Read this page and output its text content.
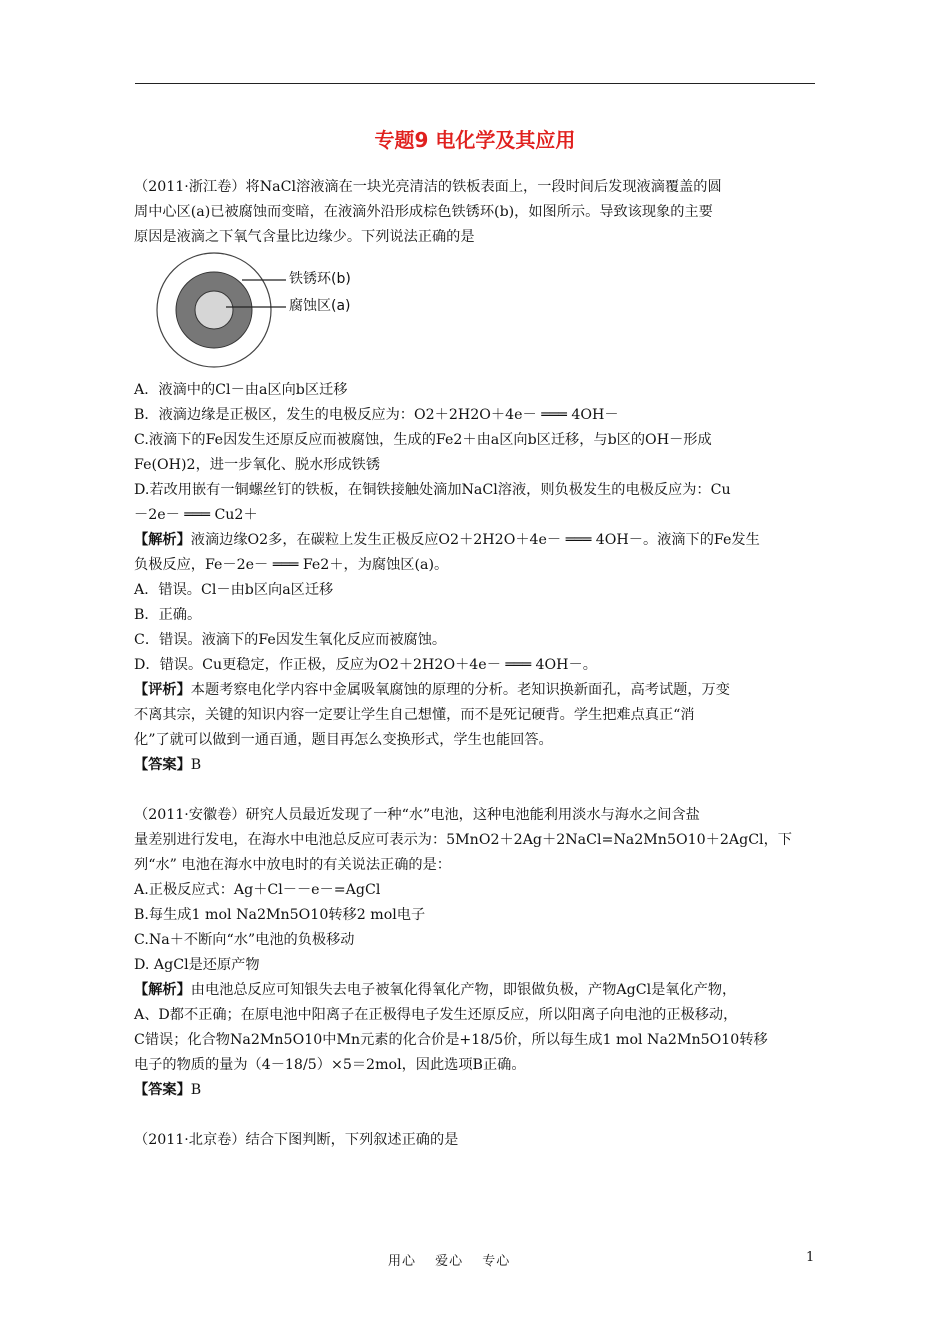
专题9 电化学及其应用
（2011·浙江卷）将NaCl溶液滴在一块光亮清洁的铁板表面上，一段时间后发现液滴覆盖的圆
周中心区(a)已被腐蚀而变暗，在液滴外沿形成棕色铁锈环(b)，如图所示。导致该现象的主要
原因是液滴之下氧气含量比边缘少。下列说法正确的是
铁锈环(b)
腐蚀区(a)
A．液滴中的Cl－由a区向b区迁移
B．液滴边缘是正极区，发生的电极反应为：O2＋2H2O＋4e－ ═══ 4OH－
C.液滴下的Fe因发生还原反应而被腐蚀，生成的Fe2＋由a区向b区迁移，与b区的OH－形成
Fe(OH)2，进一步氧化、脱水形成铁锈
D.若改用嵌有一铜螺丝钉的铁板，在铜铁接触处滴加NaCl溶液，则负极发生的电极反应为：Cu
－2e－ ═══ Cu2＋
【解析】液滴边缘O2多，在碳粒上发生正极反应O2＋2H2O＋4e－ ═══ 4OH－。液滴下的Fe发生
负极反应，Fe－2e－ ═══ Fe2＋，为腐蚀区(a)。
A．错误。Cl－由b区向a区迁移
B．正确。
C．错误。液滴下的Fe因发生氧化反应而被腐蚀。
D．错误。Cu更稳定，作正极，反应为O2＋2H2O＋4e－ ═══ 4OH－。
【评析】本题考察电化学内容中金属吸氧腐蚀的原理的分析。老知识换新面孔，高考试题，万变
不离其宗，关键的知识内容一定要让学生自己想懂，而不是死记硬背。学生把难点真正“消
化”了就可以做到一通百通，题目再怎么变换形式，学生也能回答。
【答案】B
（2011·安徽卷）研究人员最近发现了一种“水”电池，这种电池能利用淡水与海水之间含盐
量差别进行发电，在海水中电池总反应可表示为：5MnO2＋2Ag＋2NaCl=Na2Mn5O10＋2AgCl，下
列“水” 电池在海水中放电时的有关说法正确的是：
A.正极反应式：Ag＋Cl－－e－=AgCl
B.每生成1 mol Na2Mn5O10转移2 mol电子
C.Na＋不断向“水”电池的负极移动
D. AgCl是还原产物
【解析】由电池总反应可知银失去电子被氧化得氧化产物，即银做负极，产物AgCl是氧化产物，
A、D都不正确；在原电池中阳离子在正极得电子发生还原反应，所以阳离子向电池的正极移动，
C错误；化合物Na2Mn5O10中Mn元素的化合价是+18/5价，所以每生成1 mol Na2Mn5O10转移
电子的物质的量为（4－18/5）×5＝2mol，因此选项B正确。
【答案】B
（2011·北京卷）结合下图判断，下列叙述正确的是
用心 爱心 专心	1
